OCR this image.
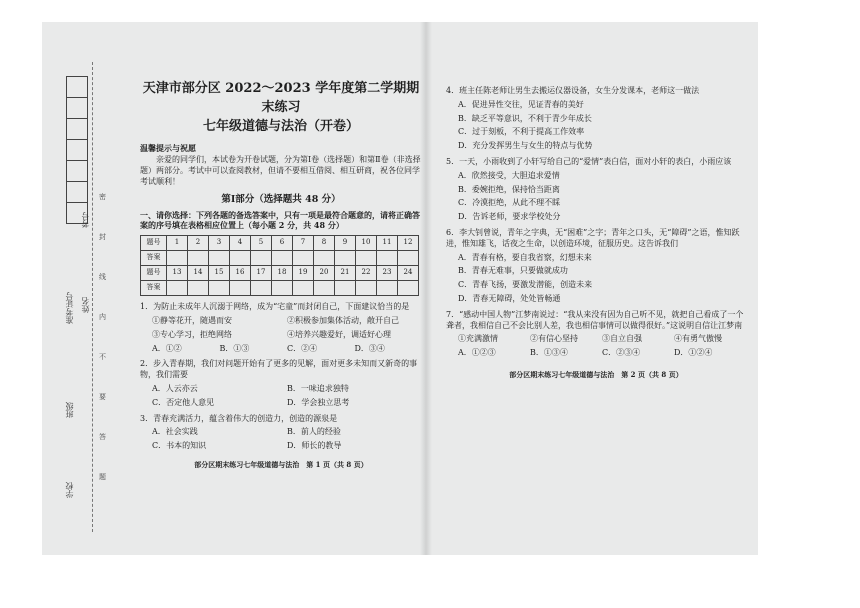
考号
准考证号 姓名
班级
学校
密
封
线
内
不
要
答
题
天津市部分区 2022～2023 学年度第二学期期末练习
七年级道德与法治（开卷）
温馨提示与祝愿
亲爱的同学们，本试卷为开卷试题，分为第Ⅰ卷（选择题）和第Ⅱ卷（非选择题）两部分。考试中可以查阅教材，但请不要相互借阅、相互研商，祝各位同学考试顺利！
第Ⅰ部分（选择题共 48 分）
一、请你选择：下列各题的备选答案中，只有一项是最符合题意的，请将正确答案的序号填在表格相应位置上（每小题 2 分，共 48 分）
题号	1	2	3	4	5	6	7	8	9	10	11	12
答案												
题号	13	14	15	16	17	18	19	20	21	22	23	24
答案												
1．为防止未成年人沉溺于网络，成为“宅童”而封闭自己，下面建议恰当的是
①静等花开，随遇而安	②积极参加集体活动，敞开自己
③专心学习，拒绝网络	④培养兴趣爱好，调适好心理
A．①②	B．①③	C．②④	D．③④
2．步入青春期，我们对问题开始有了更多的见解，面对更多未知而又新奇的事物，我们需要
A．人云亦云	B．一味追求独特
C．否定他人意见	D．学会独立思考
3．青春充满活力，蕴含着伟大的创造力，创造的源泉是
A．社会实践	B．前人的经验
C．书本的知识	D．师长的教导
部分区期末练习七年级道德与法治　第 1 页（共 8 页）
4．班主任陈老师让男生去搬运仪器设备，女生分发课本，老师这一做法
A．促进异性交往，见证青春的美好
B．缺乏平等意识，不利于青少年成长
C．过于刻板，不利于提高工作效率
D．充分发挥男生与女生的特点与优势
5．一天，小雨收到了小轩写给自己的“爱情”表白信，面对小轩的表白，小雨应该
A．欣然接受，大胆追求爱情
B．委婉拒绝，保持恰当距离
C．冷漠拒绝，从此不理不睬
D．告诉老师，要求学校处分
6．李大钊曾说，青年之字典，无“困难”之字；青年之口头，无“障碍”之语，惟知跃进，惟知雄飞，话夜之生命，以创造环境，征服历史。这告诉我们
A．青春有格，要自我省察，幻想未来
B．青春无难事，只要做就成功
C．青春飞扬，要激发潜能，创造未来
D．青春无障碍，处处皆畅通
7．“感动中国人物”江梦南说过：“我从来没有因为自己听不见，就把自己看成了一个聋者，我相信自己不会比别人差，我也相信事情可以做得很好。”这说明自信让江梦南
①充满激情	②有信心坚持	③自立自强	④有勇气傲慢
A．①②③	B．①③④	C．②③④	D．①②④
部分区期末练习七年级道德与法治　第 2 页（共 8 页）
